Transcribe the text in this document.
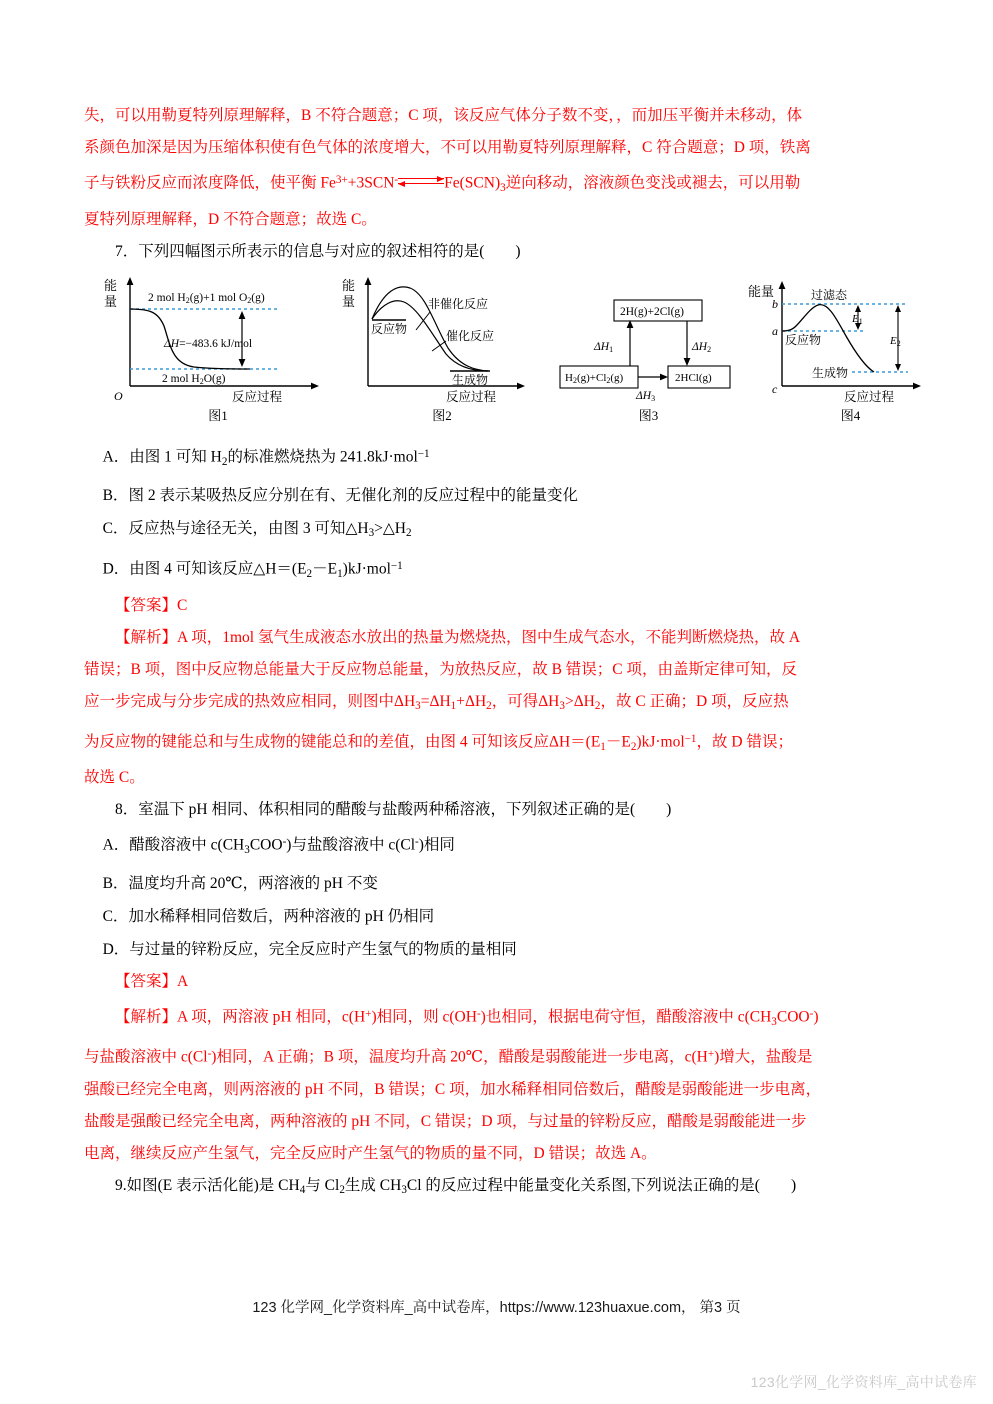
失，可以用勒夏特列原理解释，B 不符合题意；C 项，该反应气体分子数不变，，而加压平衡并未移动，体
系颜色加深是因为压缩体积使有色气体的浓度增大，不可以用勒夏特列原理解释，C 符合题意；D 项，铁离
子与铁粉反应而浓度降低，使平衡 $Fe^{3+}+3SCN^-\rightleftharpoons Fe(SCN)_3$逆向移动，溶液颜色变浅或褪去，可以用勒
夏特列原理解释，D 不符合题意；故选 C。
7．下列四幅图示所表示的信息与对应的叙述相符的是(　　)
能
量	2 mol H2(g)+1 mol O2(g)
ΔH=−483.6 kJ/mol
2 mol H2O(g)
O	反应过程
图1
能
量	非催化反应
催化反应
反应物
生成物
反应过程
图2
2H(g)+2Cl(g)
H2(g)+Cl2(g)	2HCl(g)
ΔH1	ΔH2
ΔH3
图3
能量	过滤态
b
a
c
E1
E2
反应物
生成物
反应过程
图4
A．由图 1 可知 $H_2$的标准燃烧热为 241.8kJ·mol$^{-1}$
B．图 2 表示某吸热反应分别在有、无催化剂的反应过程中的能量变化
C．反应热与途径无关，由图 3 可知$\triangle H_3>\triangle H_2$
D．由图 4 可知该反应$\triangle H=(E_2-E_1)kJ\cdot mol^{-1}$
【答案】C
【解析】A 项，1mol 氢气生成液态水放出的热量为燃烧热，图中生成气态水，不能判断燃烧热，故 A
错误；B 项，图中反应物总能量大于反应物总能量，为放热反应，故 B 错误；C 项，由盖斯定律可知，反
应一步完成与分步完成的热效应相同，则图中$\Delta H_3=\Delta H_1+\Delta H_2$，可得$\Delta H_3>\Delta H_2$，故 C 正确；D 项，反应热
为反应物的键能总和与生成物的键能总和的差值，由图 4 可知该反应$\Delta H=(E_1-E_2)kJ\cdot mol^{-1}$，故 D 错误；
故选 C。
8．室温下 pH 相同、体积相同的醋酸与盐酸两种稀溶液，下列叙述正确的是(　　)
A．醋酸溶液中 $c(CH_3COO^-)$与盐酸溶液中 c(Cl-)相同
B．温度均升高 20℃，两溶液的 pH 不变
C．加水稀释相同倍数后，两种溶液的 pH 仍相同
D．与过量的锌粉反应，完全反应时产生氢气的物质的量相同
【答案】A
【解析】A 项，两溶液 pH 相同，c(H+)相同，则 c(OH-)也相同，根据电荷守恒，醋酸溶液中 $c(CH_3COO^-)$
与盐酸溶液中 c(Cl-)相同，A 正确；B 项，温度均升高 20℃，醋酸是弱酸能进一步电离，c(H+)增大，盐酸是
强酸已经完全电离，则两溶液的 pH 不同，B 错误；C 项，加水稀释相同倍数后，醋酸是弱酸能进一步电离，
盐酸是强酸已经完全电离，两种溶液的 pH 不同，C 错误；D 项，与过量的锌粉反应，醋酸是弱酸能进一步
电离，继续反应产生氢气，完全反应时产生氢气的物质的量不同，D 错误；故选 A。
9.如图(E 表示活化能)是 $CH_4$与 $Cl_2$生成 $CH_3Cl$ 的反应过程中能量变化关系图,下列说法正确的是(　　)
123 化学网_化学资料库_高中试卷库，https://www.123huaxue.com， 第3 页
123化学网_化学资料库_高中试卷库
